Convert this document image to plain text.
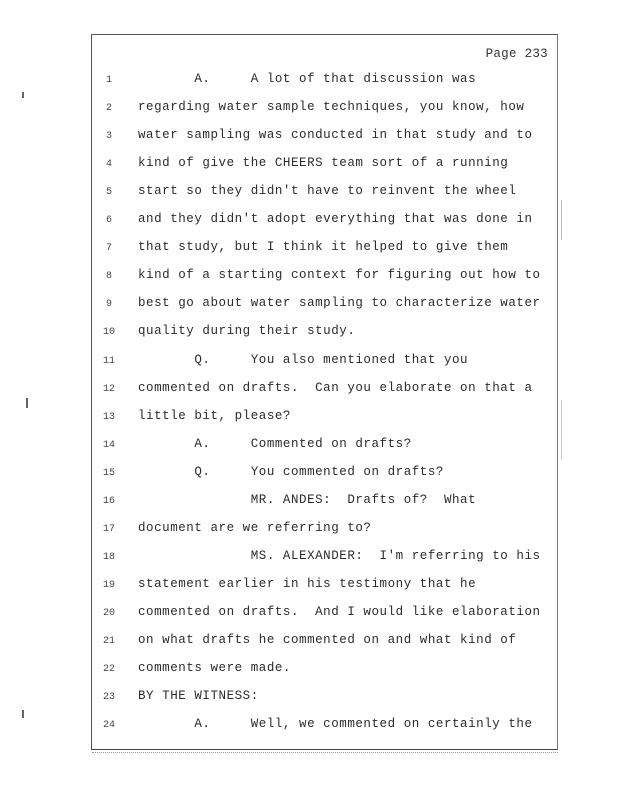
Page 233
1	A.     A lot of that discussion was
2	regarding water sample techniques, you know, how
3	water sampling was conducted in that study and to
4	kind of give the CHEERS team sort of a running
5	start so they didn't have to reinvent the wheel
6	and they didn't adopt everything that was done in
7	that study, but I think it helped to give them
8	kind of a starting context for figuring out how to
9	best go about water sampling to characterize water
10	quality during their study.
11	Q.     You also mentioned that you
12	commented on drafts.  Can you elaborate on that a
13	little bit, please?
14	A.     Commented on drafts?
15	Q.     You commented on drafts?
16	MR. ANDES:  Drafts of?  What
17	document are we referring to?
18	MS. ALEXANDER:  I'm referring to his
19	statement earlier in his testimony that he
20	commented on drafts.  And I would like elaboration
21	on what drafts he commented on and what kind of
22	comments were made.
23	BY THE WITNESS:
24	A.     Well, we commented on certainly the
